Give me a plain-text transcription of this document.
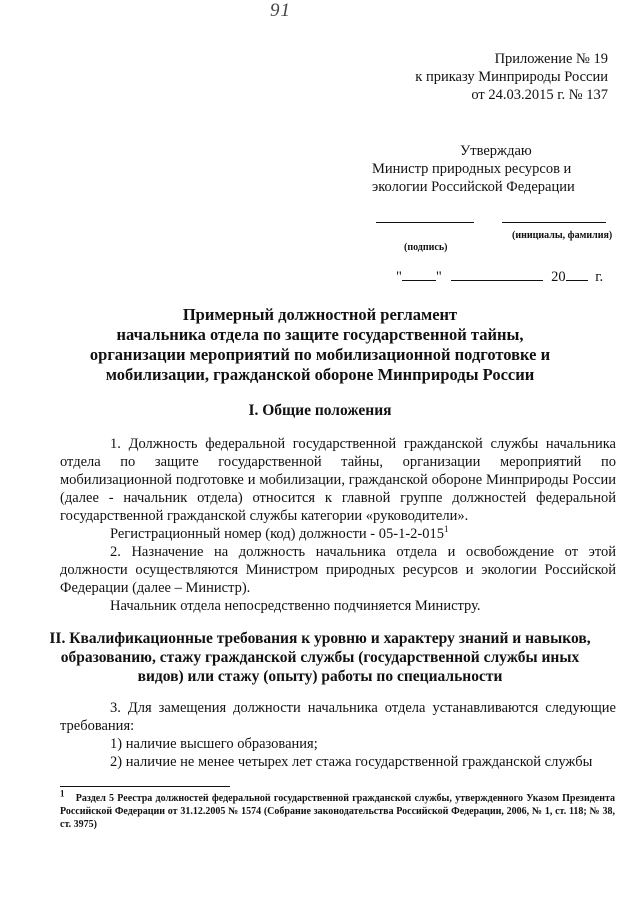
91
Приложение № 19
к приказу Минприроды России
от 24.03.2015 г. № 137
Утверждаю
Министр природных ресурсов и
экологии Российской Федерации
(инициалы, фамилия)
(подпись)
" "	20 г.
Примерный должностной регламент
начальника отдела по защите государственной тайны,
организации мероприятий по мобилизационной подготовке и
мобилизации, гражданской обороне Минприроды России
I. Общие положения

1. Должность федеральной государственной гражданской службы начальника отдела по защите государственной тайны, организации мероприятий по мобилизационной подготовке и мобилизации, гражданской обороне Минприроды России (далее - начальник отдела) относится к главной группе должностей федеральной государственной гражданской службы категории «руководители».

Регистрационный номер (код) должности - $05-1-2-015^1$

2. Назначение на должность начальника отдела и освобождение от этой должности осуществляются Министром природных ресурсов и экологии Российской Федерации (далее – Министр).

Начальник отдела непосредственно подчиняется Министру.

II. Квалификационные требования к уровню и характеру знаний и навыков,
образованию, стажу гражданской службы (государственной службы иных
видов) или стажу (опыту) работы по специальности

3. Для замещения должности начальника отдела устанавливаются следующие требования:

1) наличие высшего образования;

2) наличие не менее четырех лет стажа государственной гражданской службы

$^1$ Раздел 5 Реестра должностей федеральной государственной гражданской службы, утвержденного Указом Президента Российской Федерации от 31.12.2005 № 1574 (Собрание законодательства Российской Федерации, 2006, № 1, ст. 118; № 38, ст. 3975)
